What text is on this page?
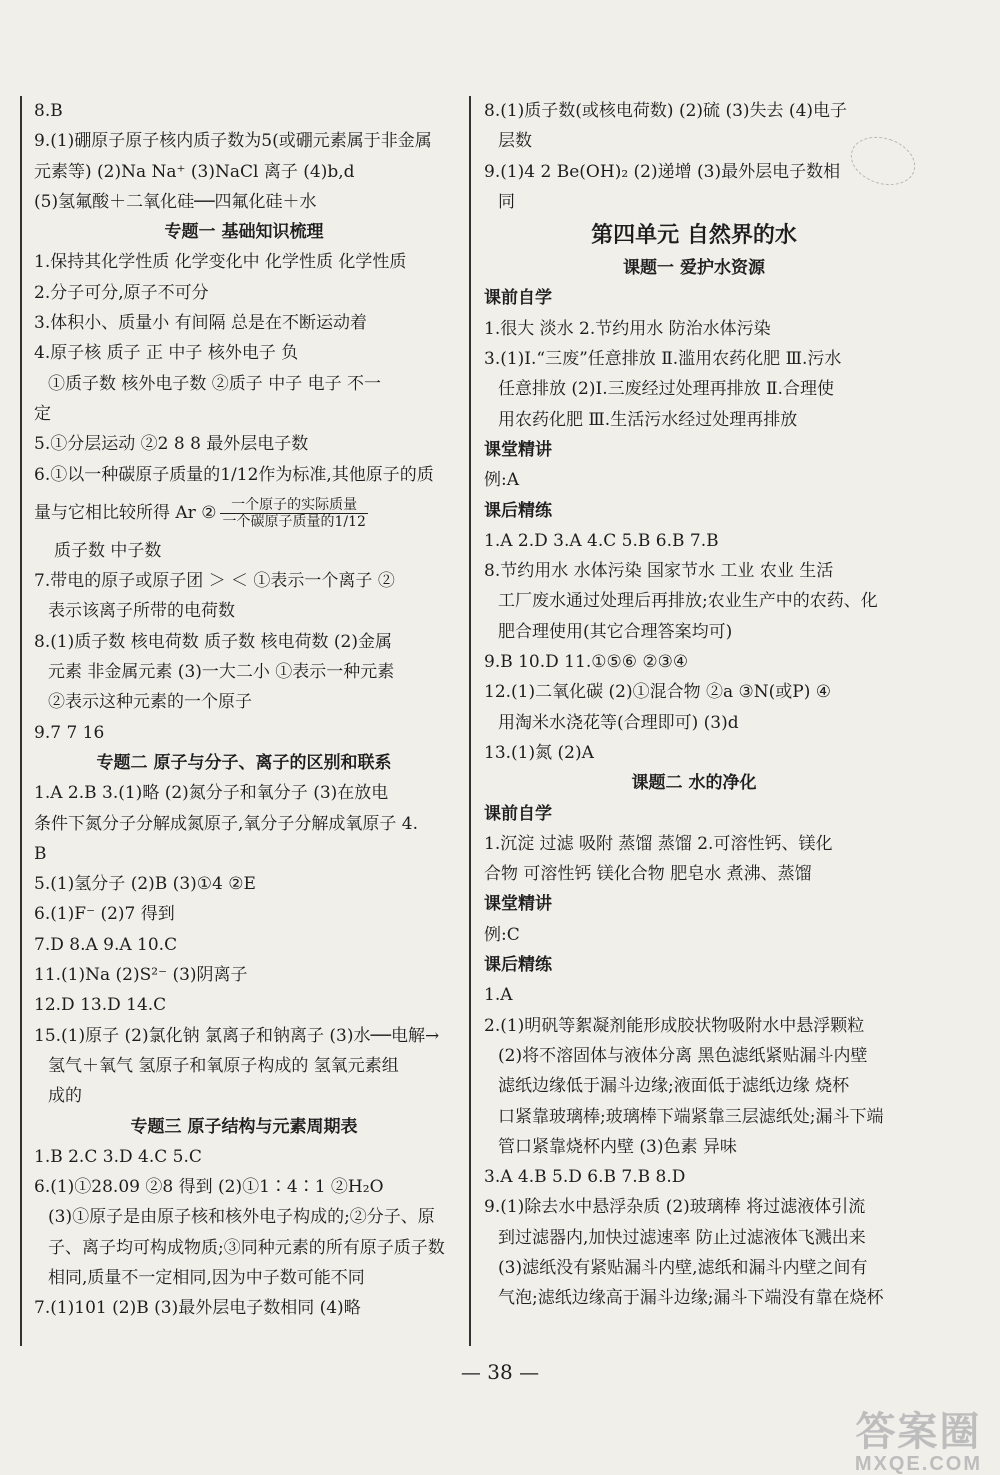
8.B
9.(1)硼原子原子核内质子数为5(或硼元素属于非金属
元素等) (2)Na Na⁺ (3)NaCl 离子 (4)b,d
(5)氢氟酸＋二氧化硅──四氟化硅＋水
专题一 基础知识梳理
1.保持其化学性质 化学变化中 化学性质 化学性质
2.分子可分,原子不可分
3.体积小、质量小 有间隔 总是在不断运动着
4.原子核 质子 正 中子 核外电子 负
①质子数 核外电子数 ②质子 中子 电子 不一
定
5.①分层运动 ②2 8 8 最外层电子数
6.①以一种碳原子质量的1/12作为标准,其他原子的质
量与它相比较所得 Ar ② $\frac{\text{一个原子的实际质量}}{\text{一个碳原子质量的1/12}}$
质子数 中子数
7.带电的原子或原子团 ＞ ＜ ①表示一个离子 ②
表示该离子所带的电荷数
8.(1)质子数 核电荷数 质子数 核电荷数 (2)金属
元素 非金属元素 (3)一大二小 ①表示一种元素
②表示这种元素的一个原子
9.7 7 16
专题二 原子与分子、离子的区别和联系
1.A 2.B 3.(1)略 (2)氮分子和氧分子 (3)在放电
条件下氮分子分解成氮原子,氧分子分解成氧原子 4.
B
5.(1)氢分子 (2)B (3)①4 ②E
6.(1)F⁻ (2)7 得到
7.D 8.A 9.A 10.C
11.(1)Na (2)S²⁻ (3)阴离子
12.D 13.D 14.C
15.(1)原子 (2)氯化钠 氯离子和钠离子 (3)水──电解→
氢气＋氧气 氢原子和氧原子构成的 氢氧元素组
成的
专题三 原子结构与元素周期表
1.B 2.C 3.D 4.C 5.C
6.(1)①28.09 ②8 得到 (2)①1∶4∶1 ②H₂O
(3)①原子是由原子核和核外电子构成的;②分子、原
子、离子均可构成物质;③同种元素的所有原子质子数
相同,质量不一定相同,因为中子数可能不同
7.(1)101 (2)B (3)最外层电子数相同 (4)略
8.(1)质子数(或核电荷数) (2)硫 (3)失去 (4)电子
层数
9.(1)4 2 Be(OH)₂ (2)递增 (3)最外层电子数相
同
第四单元 自然界的水
课题一 爱护水资源
课前自学
1.很大 淡水 2.节约用水 防治水体污染
3.(1)Ⅰ.“三废”任意排放 Ⅱ.滥用农药化肥 Ⅲ.污水
任意排放 (2)Ⅰ.三废经过处理再排放 Ⅱ.合理使
用农药化肥 Ⅲ.生活污水经过处理再排放
课堂精讲
例:A
课后精练
1.A 2.D 3.A 4.C 5.B 6.B 7.B
8.节约用水 水体污染 国家节水 工业 农业 生活
工厂废水通过处理后再排放;农业生产中的农药、化
肥合理使用(其它合理答案均可)
9.B 10.D 11.①⑤⑥ ②③④
12.(1)二氧化碳 (2)①混合物 ②a ③N(或P) ④
用淘米水浇花等(合理即可) (3)d
13.(1)氮 (2)A
课题二 水的净化
课前自学
1.沉淀 过滤 吸附 蒸馏 蒸馏 2.可溶性钙、镁化
合物 可溶性钙 镁化合物 肥皂水 煮沸、蒸馏
课堂精讲
例:C
课后精练
1.A
2.(1)明矾等絮凝剂能形成胶状物吸附水中悬浮颗粒
(2)将不溶固体与液体分离 黑色滤纸紧贴漏斗内壁
滤纸边缘低于漏斗边缘;液面低于滤纸边缘 烧杯
口紧靠玻璃棒;玻璃棒下端紧靠三层滤纸处;漏斗下端
管口紧靠烧杯内壁 (3)色素 异味
3.A 4.B 5.D 6.B 7.B 8.D
9.(1)除去水中悬浮杂质 (2)玻璃棒 将过滤液体引流
到过滤器内,加快过滤速率 防止过滤液体飞溅出来
(3)滤纸没有紧贴漏斗内壁,滤纸和漏斗内壁之间有
气泡;滤纸边缘高于漏斗边缘;漏斗下端没有靠在烧杯
— 38 —
答案圈
MXQE.COM
